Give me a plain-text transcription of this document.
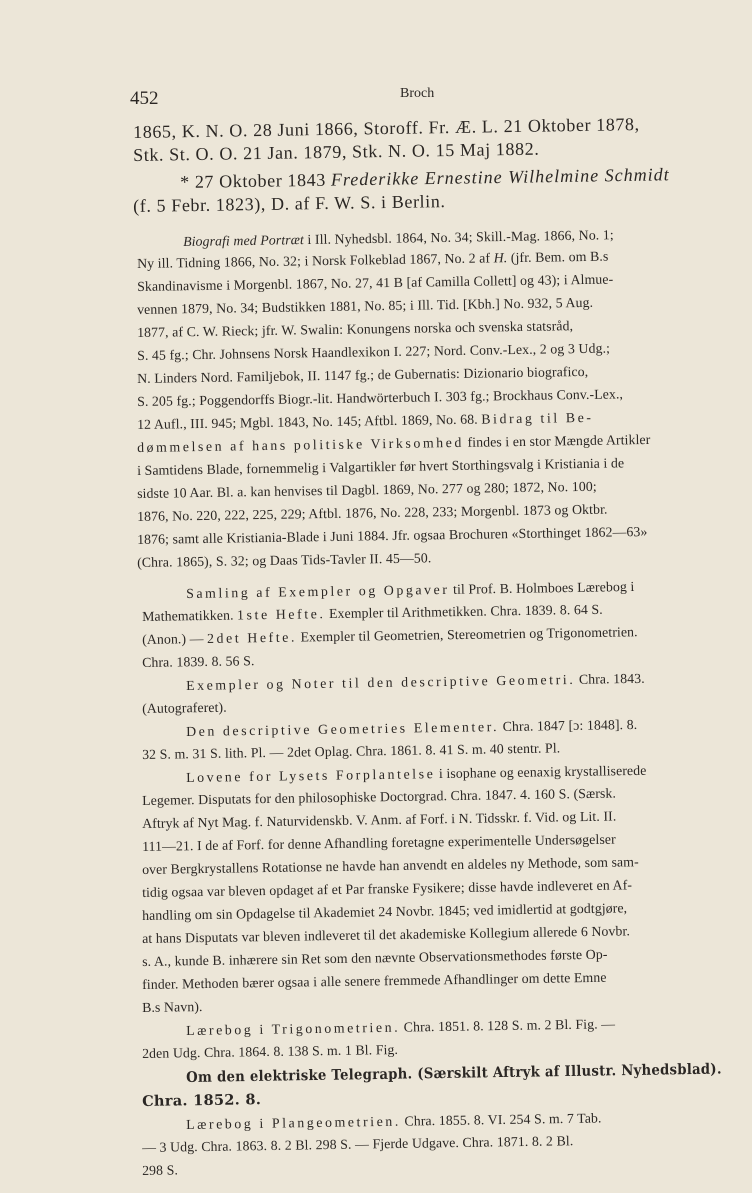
452	Broch
1865, K. N. O. 28 Juni 1866, Storoff. Fr. Æ. L. 21 Oktober 1878,
Stk. St. O. O. 21 Jan. 1879, Stk. N. O. 15 Maj 1882.
* 27 Oktober 1843 Frederikke Ernestine Wilhelmine Schmidt
(f. 5 Febr. 1823), D. af F. W. S. i Berlin.
Biografi med Portræt i Ill. Nyhedsbl. 1864, No. 34; Skill.-Mag. 1866, No. 1;
Ny ill. Tidning 1866, No. 32; i Norsk Folkeblad 1867, No. 2 af H. (jfr. Bem. om B.s
Skandinavisme i Morgenbl. 1867, No. 27, 41 B [af Camilla Collett] og 43); i Almue-
vennen 1879, No. 34; Budstikken 1881, No. 85; i Ill. Tid. [Kbh.] No. 932, 5 Aug.
1877, af C. W. Rieck; jfr. W. Swalin: Konungens norska och svenska statsråd,
S. 45 fg.; Chr. Johnsens Norsk Haandlexikon I. 227; Nord. Conv.-Lex., 2 og 3 Udg.;
N. Linders Nord. Familjebok, II. 1147 fg.; de Gubernatis: Dizionario biografico,
S. 205 fg.; Poggendorffs Biogr.-lit. Handwörterbuch I. 303 fg.; Brockhaus Conv.-Lex.,
12 Aufl., III. 945; Mgbl. 1843, No. 145; Aftbl. 1869, No. 68. Bidrag til Be-
dømmelsen af hans politiske Virksomhed findes i en stor Mængde Artikler
i Samtidens Blade, fornemmelig i Valgartikler før hvert Storthingsvalg i Kristiania i de
sidste 10 Aar. Bl. a. kan henvises til Dagbl. 1869, No. 277 og 280; 1872, No. 100;
1876, No. 220, 222, 225, 229; Aftbl. 1876, No. 228, 233; Morgenbl. 1873 og Oktbr.
1876; samt alle Kristiania-Blade i Juni 1884. Jfr. ogsaa Brochuren «Storthinget 1862—63»
(Chra. 1865), S. 32; og Daas Tids-Tavler II. 45—50.
Samling af Exempler og Opgaver til Prof. B. Holmboes Lærebog i
Mathematikken. 1ste Hefte. Exempler til Arithmetikken. Chra. 1839. 8. 64 S.
(Anon.) — 2det Hefte. Exempler til Geometrien, Stereometrien og Trigonometrien.
Chra. 1839. 8. 56 S.
Exempler og Noter til den descriptive Geometri. Chra. 1843.
(Autograferet).
Den descriptive Geometries Elementer. Chra. 1847 [ɔ: 1848]. 8.
32 S. m. 31 S. lith. Pl. — 2det Oplag. Chra. 1861. 8. 41 S. m. 40 stentr. Pl.
Lovene for Lysets Forplantelse i isophane og eenaxig krystalliserede
Legemer. Disputats for den philosophiske Doctorgrad. Chra. 1847. 4. 160 S. (Særsk.
Aftryk af Nyt Mag. f. Naturvidenskb. V. Anm. af Forf. i N. Tidsskr. f. Vid. og Lit. II.
111—21. I de af Forf. for denne Afhandling foretagne experimentelle Undersøgelser
over Bergkrystallens Rotationse ne havde han anvendt en aldeles ny Methode, som sam-
tidig ogsaa var bleven opdaget af et Par franske Fysikere; disse havde indleveret en Af-
handling om sin Opdagelse til Akademiet 24 Novbr. 1845; ved imidlertid at godtgjøre,
at hans Disputats var bleven indleveret til det akademiske Kollegium allerede 6 Novbr.
s. A., kunde B. inhærere sin Ret som den nævnte Observationsmethodes første Op-
finder. Methoden bærer ogsaa i alle senere fremmede Afhandlinger om dette Emne
B.s Navn).
Lærebog i Trigonometrien. Chra. 1851. 8. 128 S. m. 2 Bl. Fig. —
2den Udg. Chra. 1864. 8. 138 S. m. 1 Bl. Fig.
Om den elektriske Telegraph. (Særskilt Aftryk af Illustr. Nyhedsblad).
Chra. 1852. 8.
Lærebog i Plangeometrien. Chra. 1855. 8. VI. 254 S. m. 7 Tab.
— 3 Udg. Chra. 1863. 8. 2 Bl. 298 S. — Fjerde Udgave. Chra. 1871. 8. 2 Bl.
298 S.
